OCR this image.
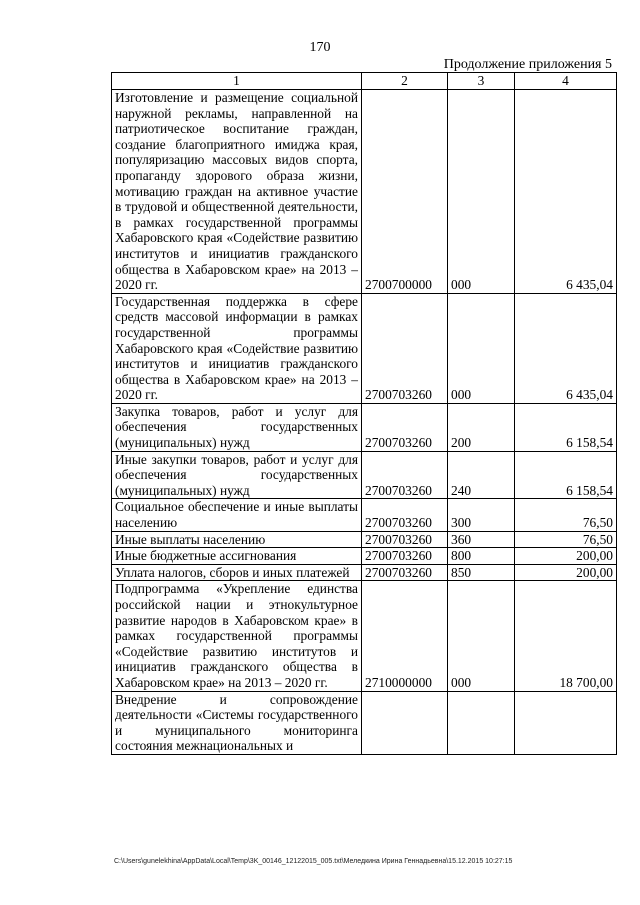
170
Продолжение приложения 5
1	2	3	4
Изготовление и размещение социальной наружной рекламы, направленной на патриотическое воспитание граждан, создание благоприятного имиджа края, популяризацию массовых видов спорта, пропаганду здорового образа жизни, мотивацию граждан на активное участие в трудовой и общественной деятельности, в рамках государственной программы Хабаровского края «Содействие развитию институтов и инициатив гражданского общества в Хабаровском крае» на 2013 – 2020 гг.	2700700000	000	6 435,04
Государственная поддержка в сфере средств массовой информации в рамках государственной программы Хабаровского края «Содействие развитию институтов и инициатив гражданского общества в Хабаровском крае» на 2013 – 2020 гг.	2700703260	000	6 435,04
Закупка товаров, работ и услуг для обеспечения государственных (муниципальных) нужд	2700703260	200	6 158,54
Иные закупки товаров, работ и услуг для обеспечения государственных (муниципальных) нужд	2700703260	240	6 158,54
Социальное обеспечение и иные выплаты населению	2700703260	300	76,50
Иные выплаты населению	2700703260	360	76,50
Иные бюджетные ассигнования	2700703260	800	200,00
Уплата налогов, сборов и иных платежей	2700703260	850	200,00
Подпрограмма «Укрепление единства российской нации и этнокультурное развитие народов в Хабаровском крае» в рамках государственной программы «Содействие развитию институтов и инициатив гражданского общества в Хабаровском крае» на 2013 – 2020 гг.	2710000000	000	18 700,00
Внедрение и сопровождение деятельности «Системы государственного и муниципального мониторинга состояния межнациональных и			
C:\Users\gunelekhina\AppData\Local\Temp\3K_00146_12122015_005.txt\Меледкина Ирина Геннадьевна\15.12.2015 10:27:15
